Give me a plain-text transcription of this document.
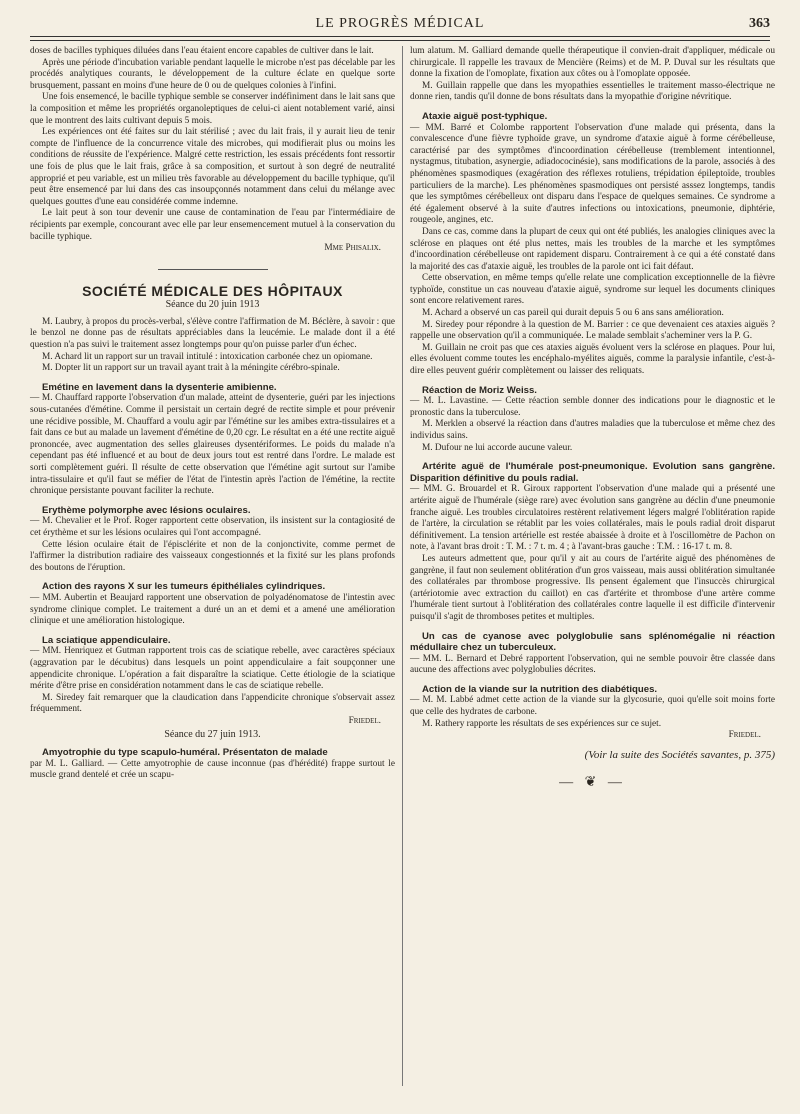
LE PROGRÈS MÉDICAL	363

doses de bacilles typhiques diluées dans l'eau étaient encore capables de cultiver dans le lait.

Après une période d'incubation variable pendant laquelle le microbe n'est pas décelable par les procédés analytiques courants, le développement de la culture éclate en quelque sorte brusquement, passant en moins d'une heure de 0 ou de quelques colonies à l'infini.

Une fois ensemencé, le bacille typhique semble se conserver indéfiniment dans le lait sans que la composition et même les propriétés organoleptiques de celui-ci aient notablement varié, ainsi que le montrent des laits cultivant depuis 5 mois.

Les expériences ont été faites sur du lait stérilisé ; avec du lait frais, il y aurait lieu de tenir compte de l'influence de la concurrence vitale des microbes, qui modifierait plus ou moins les conditions de réussite de l'expérience. Malgré cette restriction, les essais précédents font ressortir une fois de plus que le lait frais, grâce à sa composition, et surtout à son degré de neutralité approprié et peu variable, est un milieu très favorable au développement du bacille typhique, qu'il peut être ensemencé par lui dans des cas insoupçonnés notamment dans celui du mélange avec quelques gouttes d'une eau considérée comme indemne.

Le lait peut à son tour devenir une cause de contamination de l'eau par l'intermédiaire de récipients par exemple, concourant avec elle par leur ensemencement mutuel à la conservation du bacille typhique.

Mme Phisalix.
SOCIÉTÉ MÉDICALE DES HÔPITAUX
Séance du 20 juin 1913

M. Laubry, à propos du procès-verbal, s'élève contre l'affirmation de M. Béclère, à savoir : que le benzol ne donne pas de résultats appréciables dans la leucémie. Le malade dont il a été question n'a pas suivi le traitement assez longtemps pour qu'on puisse parler d'un échec.

M. Achard lit un rapport sur un travail intitulé : intoxication carbonée chez un opiomane.

M. Dopter lit un rapport sur un travail ayant trait à la méningite cérébro-spinale.

Emétine en lavement dans la dysenterie amibienne.

— M. Chauffard rapporte l'observation d'un malade, atteint de dysenterie, guéri par les injections sous-cutanées d'émétine. Comme il persistait un certain degré de rectite simple et pour prévenir une récidive possible, M. Chauffard a voulu agir par l'émétine sur les amibes extra-tissulaires et a fait dans ce but au malade un lavement d'émétine de 0,20 cgr. Le résultat en a été une rectite aiguë prononcée, avec augmentation des selles glaireuses dysentériformes. Le poids du malade n'a cependant pas été influencé et au bout de deux jours tout est rentré dans l'ordre. Le malade est sorti complètement guéri. Il résulte de cette observation que l'émétine agit surtout sur l'amibe intra-tissulaire et qu'il faut se méfier de l'état de l'intestin après l'action de l'émétine, la rectite chronique persistante pouvant faciliter la rechute.

Erythème polymorphe avec lésions oculaires.

— M. Chevalier et le Prof. Roger rapportent cette observation, ils insistent sur la contagiosité de cet érythème et sur les lésions oculaires qui l'ont accompagné.

Cette lésion oculaire était de l'épisclérite et non de la conjonctivite, comme permet de l'affirmer la distribution radiaire des vaisseaux congestionnés et la fixité sur les plans profonds des boutons de l'éruption.

Action des rayons X sur les tumeurs épithéliales cylindriques.

— MM. Aubertin et Beaujard rapportent une observation de polyadénomatose de l'intestin avec syndrome clinique complet. Le traitement a duré un an et demi et a amené une amélioration clinique et une amélioration histologique.

La sciatique appendiculaire.

— MM. Henriquez et Gutman rapportent trois cas de sciatique rebelle, avec caractères spéciaux (aggravation par le décubitus) dans lesquels un point appendiculaire a fait soupçonner une appendicite chronique. L'opération a fait disparaître la sciatique. Cette étiologie de la sciatique mérite d'être prise en considération notamment dans le cas de sciatique rebelle.

M. Siredey fait remarquer que la claudication dans l'appendicite chronique s'observait assez fréquemment.

Friedel.
Séance du 27 juin 1913.
Amyotrophie du type scapulo-huméral. Présentaton de malade

par M. L. Galliard. — Cette amyotrophie de cause inconnue (pas d'hérédité) frappe surtout le muscle grand dentelé et crée un scapu-

lum alatum. M. Galliard demande quelle thérapeutique il convien-drait d'appliquer, médicale ou chirurgicale. Il rappelle les travaux de Mencière (Reims) et de M. P. Duval sur les résultats que donne la fixation de l'omoplate, fixation aux côtes ou à l'omoplate opposée.

M. Guillain rappelle que dans les myopathies essentielles le traitement masso-électrique ne donne rien, tandis qu'il donne de bons résultats dans la myopathie d'origine névritique.

Ataxie aiguë post-typhique.

— MM. Barré et Colombe rapportent l'observation d'une malade qui présenta, dans la convalescence d'une fièvre typhoïde grave, un syndrome d'ataxie aiguë à forme cérébelleuse, caractérisé par des symptômes d'incoordination cérébelleuse (tremblement intentionnel, nystagmus, titubation, asynergie, adiadococinésie), sans modifications de la parole, associés à des phénomènes spasmodiques (exagération des réflexes rotuliens, trépidation épileptoïde, troubles particuliers de la marche). Les phénomènes spasmodiques ont persisté asssez longtemps, tandis que les symptômes cérébelleux ont disparu dans l'espace de quelques semaines. Ce syndrome a été également observé à la suite d'autres infections ou intoxications, pneumonie, diphtérie, rougeole, angines, etc.

Dans ce cas, comme dans la plupart de ceux qui ont été publiés, les analogies cliniques avec la sclérose en plaques ont été plus nettes, mais les troubles de la marche et les symptômes d'incoordination cérébelleuse ont rapidement disparu. Contrairement à ce qui a été constaté dans la majorité des cas d'ataxie aiguë, les troubles de la parole ont ici fait défaut.

Cette observation, en même temps qu'elle relate une complication exceptionnelle de la fièvre typhoïde, constitue un cas nouveau d'ataxie aiguë, syndrome sur lequel les documents cliniques sont encore relativement rares.

M. Achard a observé un cas pareil qui durait depuis 5 ou 6 ans sans amélioration.

M. Siredey pour répondre à la question de M. Barrier : ce que devenaient ces ataxies aiguës ? rappelle une observation qu'il a communiquée. Le malade semblait s'acheminer vers la P. G.

M. Guillain ne croit pas que ces ataxies aiguës évoluent vers la sclérose en plaques. Pour lui, elles évoluent comme toutes les encéphalo-myélites aiguës, comme la paralysie infantile, c'est-à-dire elles peuvent guérir complètement ou laisser des reliquats.

Réaction de Moriz Weiss.

— M. L. Lavastine. — Cette réaction semble donner des indications pour le diagnostic et le pronostic dans la tuberculose.

M. Merklen a observé la réaction dans d'autres maladies que la tuberculose et même chez des individus sains.

M. Dufour ne lui accorde aucune valeur.

Artérite aguë de l'humérale post-pneumonique. Evolution sans gangrène. Disparition définitive du pouls radial.

— MM. G. Brouardel et R. Giroux rapportent l'observation d'une malade qui a présenté une artérite aiguë de l'humérale (siège rare) avec évolution sans gangrène au déclin d'une pneumonie franche aiguë. Les troubles circulatoires restèrent relativement légers malgré l'oblitération rapide de l'artère, la circulation se rétablit par les voies collatérales, mais le pouls radial droit disparut définitivement. La tension artérielle est restée abaissée à droite et à l'oscillomètre de Pachon on note, à l'avant bras droit : T. M. : 7 t. m. 4 ; à l'avant-bras gauche : T.M. : 16-17 t. m. 8.

Les auteurs admettent que, pour qu'il y ait au cours de l'artérite aiguë des phénomènes de gangrène, il faut non seulement oblitération d'un gros vaisseau, mais aussi oblitération simultanée des collatérales par thrombose progressive. Ils pensent également que l'insuccès chirurgical (artériotomie avec extraction du caillot) en cas d'artérite et thrombose d'une artère comme l'humérale tient surtout à l'oblitération des collatérales contre laquelle il est difficile d'intervenir puisqu'il s'agit de thromboses petites et multiples.

Un cas de cyanose avec polyglobulie sans splénomégalie ni réaction médullaire chez un tuberculeux.

— MM. L. Bernard et Debré rapportent l'observation, qui ne semble pouvoir être classée dans aucune des affections avec polyglobulies décrites.

Action de la viande sur la nutrition des diabétiques.

— M. M. Labbé admet cette action de la viande sur la glycosurie, quoi qu'elle soit moins forte que celle des hydrates de carbone.

M. Rathery rapporte les résultats de ses expériences sur ce sujet.

Friedel.
(Voir la suite des Sociétés savantes, p. 375)
— ❦ —
